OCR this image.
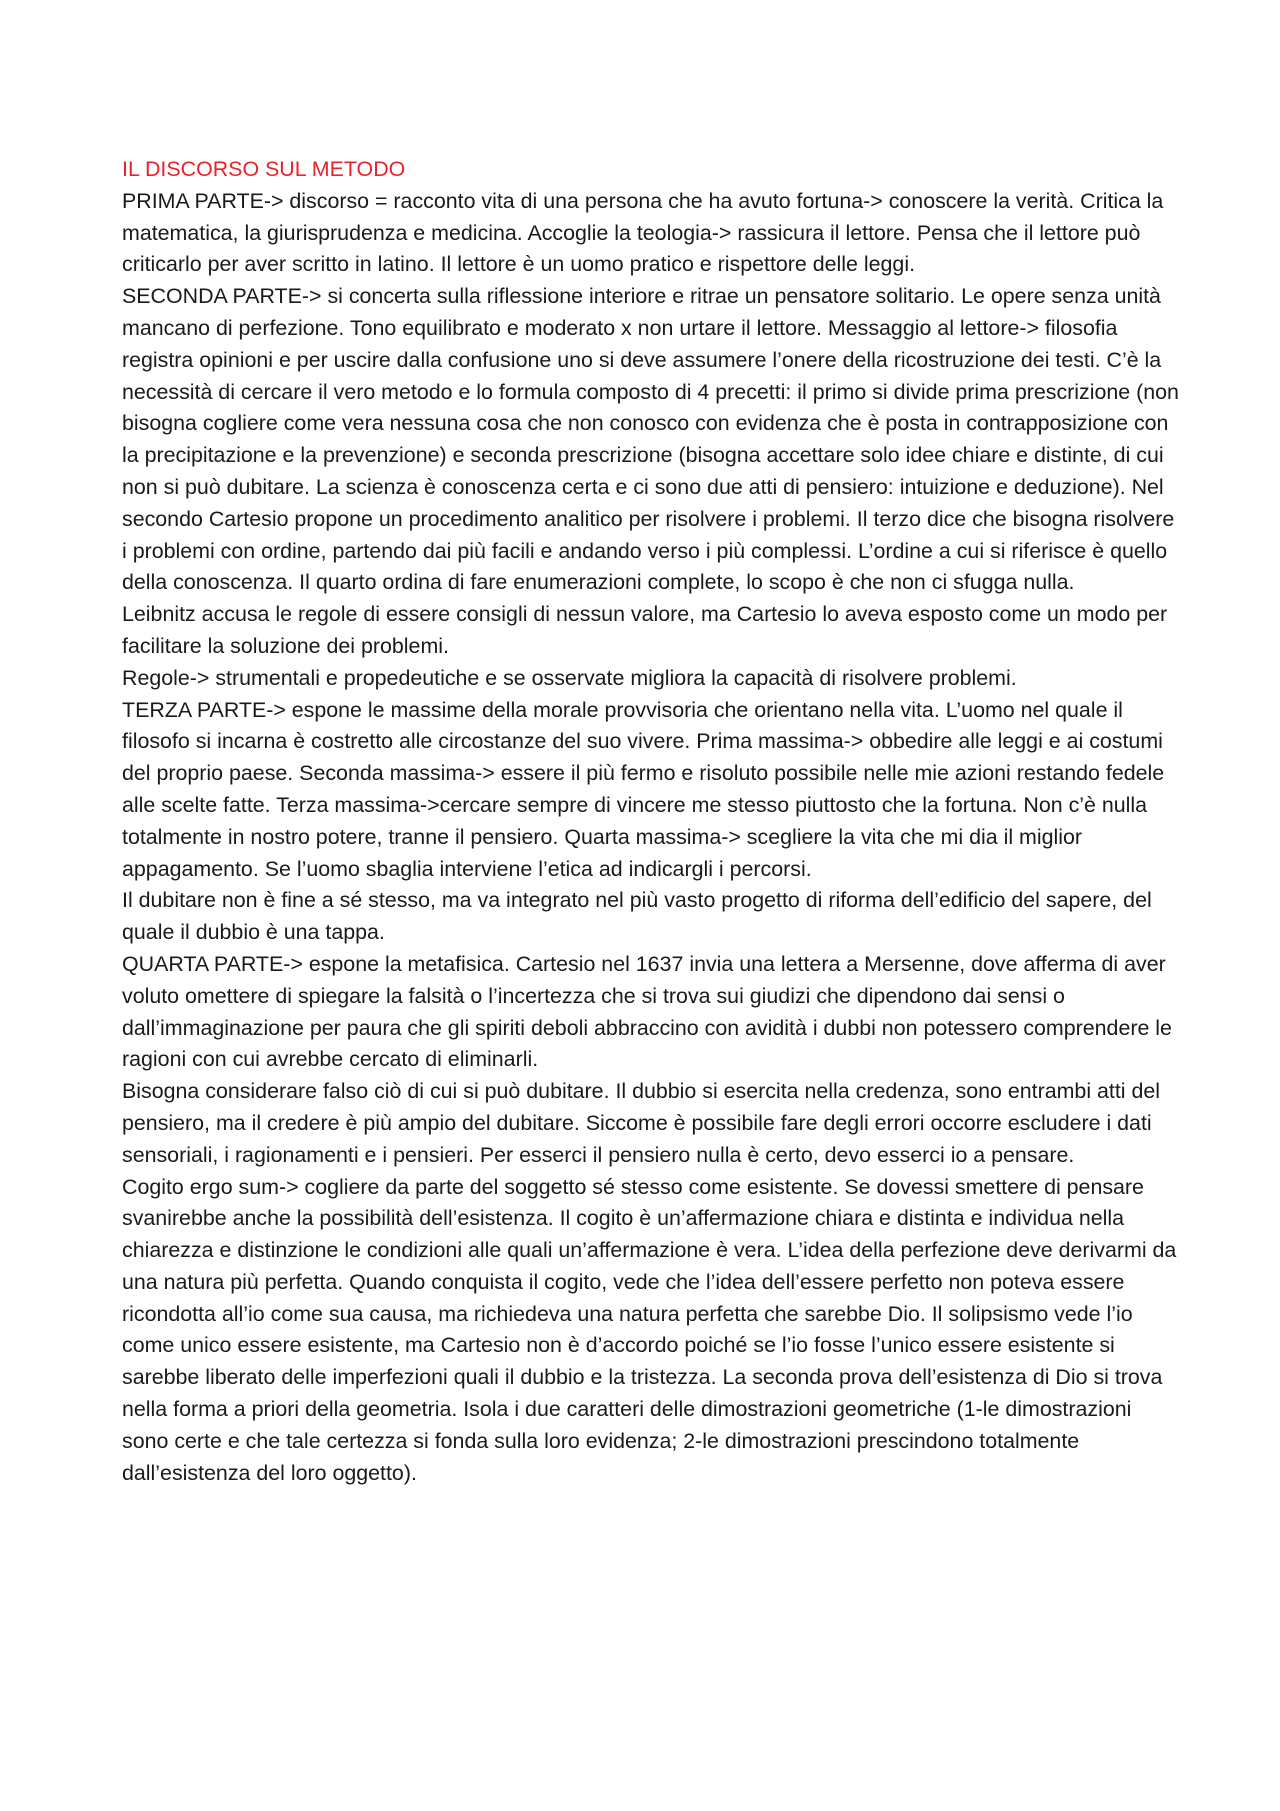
IL DISCORSO SUL METODO

PRIMA PARTE-> discorso = racconto vita di una persona che ha avuto fortuna-> conoscere la verità. Critica la matematica, la giurisprudenza e medicina. Accoglie la teologia-> rassicura il lettore. Pensa che il lettore può criticarlo per aver scritto in latino. Il lettore è un uomo pratico e rispettore delle leggi.

SECONDA PARTE-> si concerta sulla riflessione interiore e ritrae un pensatore solitario. Le opere senza unità mancano di perfezione. Tono equilibrato e moderato x non urtare il lettore. Messaggio al lettore-> filosofia registra opinioni e per uscire dalla confusione uno si deve assumere l’onere della ricostruzione dei testi. C’è la necessità di cercare il vero metodo e lo formula composto di 4 precetti: il primo si divide prima prescrizione (non bisogna cogliere come vera nessuna cosa che non conosco con evidenza che è posta in contrapposizione con la precipitazione e la prevenzione) e seconda prescrizione (bisogna accettare solo idee chiare e distinte, di cui non si può dubitare. La scienza è conoscenza certa e ci sono due atti di pensiero: intuizione e deduzione). Nel secondo Cartesio propone un procedimento analitico per risolvere i problemi. Il terzo dice che bisogna risolvere i problemi con ordine, partendo dai più facili e andando verso i più complessi. L’ordine a cui si riferisce è quello della conoscenza. Il quarto ordina di fare enumerazioni complete, lo scopo è che non ci sfugga nulla.

Leibnitz accusa le regole di essere consigli di nessun valore, ma Cartesio lo aveva esposto come un modo per facilitare la soluzione dei problemi.

Regole-> strumentali e propedeutiche e se osservate migliora la capacità di risolvere problemi.

TERZA PARTE-> espone le massime della morale provvisoria che orientano nella vita. L’uomo nel quale il filosofo si incarna è costretto alle circostanze del suo vivere. Prima massima-> obbedire alle leggi e ai costumi del proprio paese. Seconda massima-> essere il più fermo e risoluto possibile nelle mie azioni restando fedele alle scelte fatte. Terza massima->cercare sempre di vincere me stesso piuttosto che la fortuna. Non c’è nulla totalmente in nostro potere, tranne il pensiero. Quarta massima-> scegliere la vita che mi dia il miglior appagamento. Se l’uomo sbaglia interviene l’etica ad indicargli i percorsi.

Il dubitare non è fine a sé stesso, ma va integrato nel più vasto progetto di riforma dell’edificio del sapere, del quale il dubbio è una tappa.

QUARTA PARTE-> espone la metafisica. Cartesio nel 1637 invia una lettera a Mersenne, dove afferma di aver voluto omettere di spiegare la falsità o l’incertezza che si trova sui giudizi che dipendono dai sensi o dall’immaginazione per paura che gli spiriti deboli abbraccino con avidità i dubbi non potessero comprendere le ragioni con cui avrebbe cercato di eliminarli.

Bisogna considerare falso ciò di cui si può dubitare. Il dubbio si esercita nella credenza, sono entrambi atti del pensiero, ma il credere è più ampio del dubitare. Siccome è possibile fare degli errori occorre escludere i dati sensoriali, i ragionamenti e i pensieri. Per esserci il pensiero nulla è certo, devo esserci io a pensare.

Cogito ergo sum-> cogliere da parte del soggetto sé stesso come esistente. Se dovessi smettere di pensare svanirebbe anche la possibilità dell’esistenza. Il cogito è un’affermazione chiara e distinta e individua nella chiarezza e distinzione le condizioni alle quali un’affermazione è vera. L’idea della perfezione deve derivarmi da una natura più perfetta. Quando conquista il cogito, vede che l’idea dell’essere perfetto non poteva essere ricondotta all’io come sua causa, ma richiedeva una natura perfetta che sarebbe Dio. Il solipsismo vede l’io come unico essere esistente, ma Cartesio non è d’accordo poiché se l’io fosse l’unico essere esistente si sarebbe liberato delle imperfezioni quali il dubbio e la tristezza. La seconda prova dell’esistenza di Dio si trova nella forma a priori della geometria. Isola i due caratteri delle dimostrazioni geometriche (1-le dimostrazioni sono certe e che tale certezza si fonda sulla loro evidenza; 2-le dimostrazioni prescindono totalmente dall’esistenza del loro oggetto).
